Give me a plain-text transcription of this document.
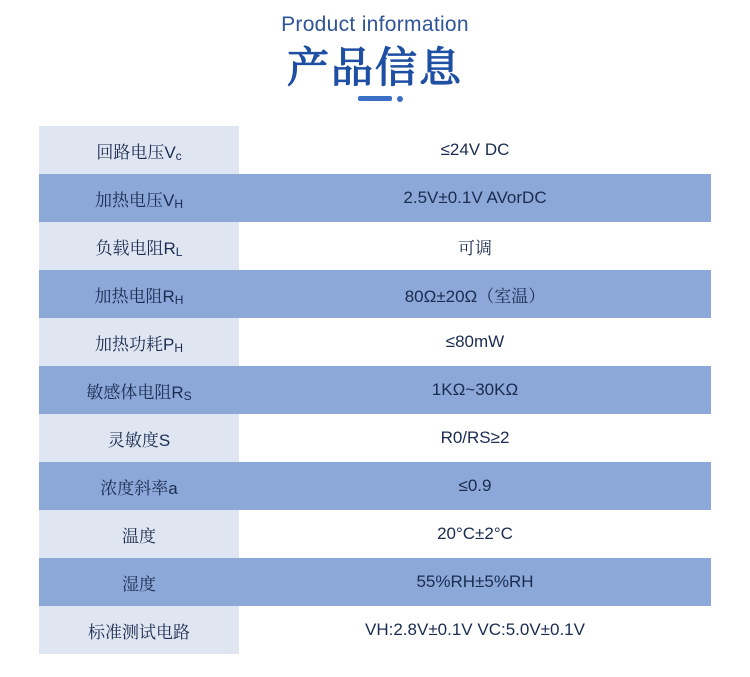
Product information
产品信息
回路电压Vc	≤24V DC
加热电压VH	2.5V±0.1V AVorDC
负载电阻RL	可调
加热电阻RH	80Ω±20Ω（室温）
加热功耗PH	≤80mW
敏感体电阻RS	1KΩ~30KΩ
灵敏度S	R0/RS≥2
浓度斜率a	≤0.9
温度	20°C±2°C
湿度	55%RH±5%RH
标准测试电路	VH:2.8V±0.1V VC:5.0V±0.1V
